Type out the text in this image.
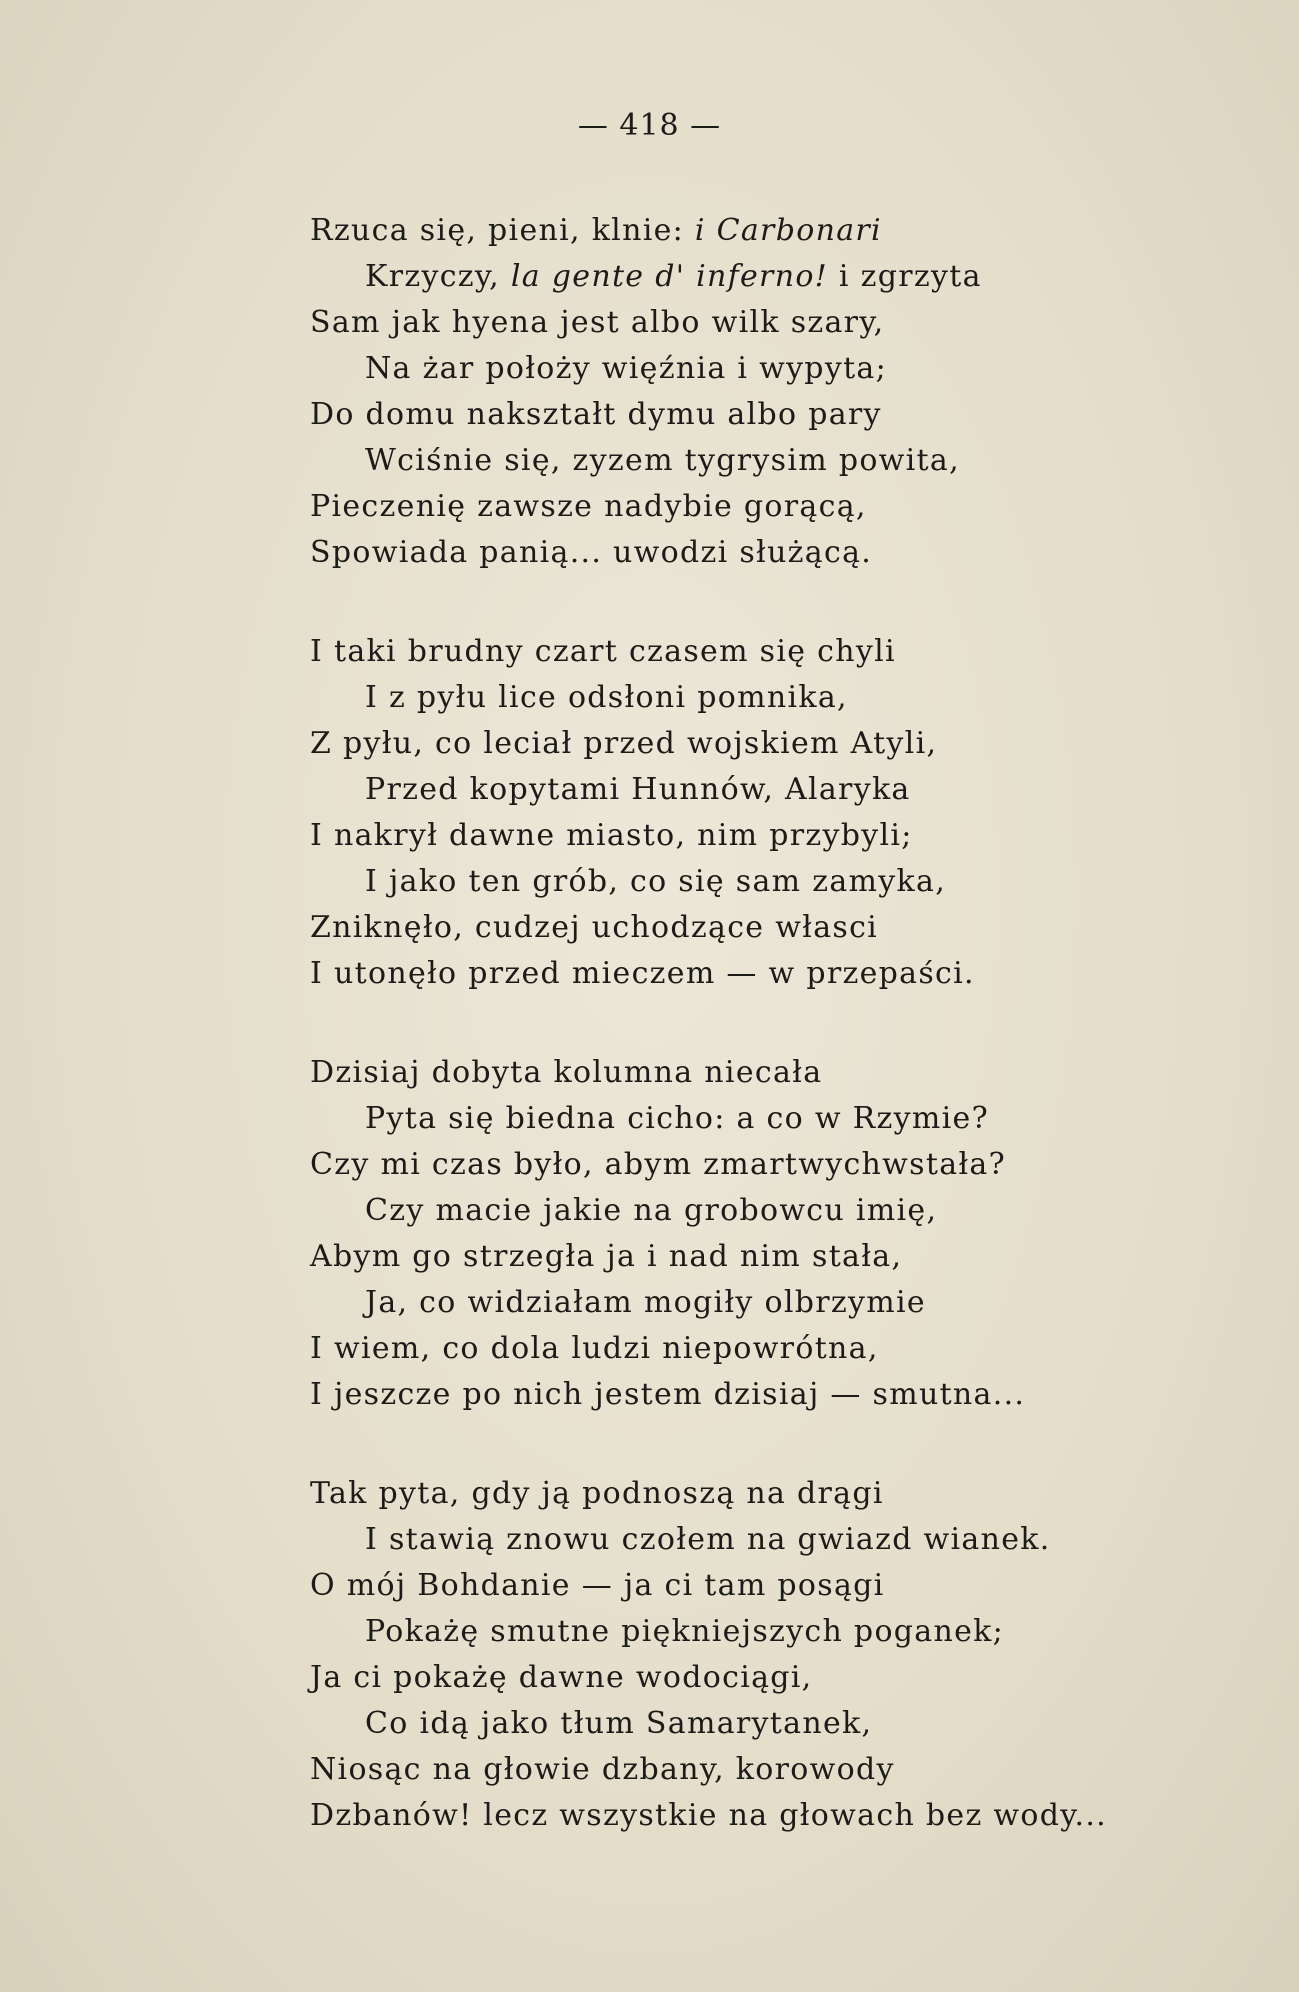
— 418 —
Rzuca się, pieni, klnie: i Carbonari
Krzyczy, la gente d' inferno! i zgrzyta
Sam jak hyena jest albo wilk szary,
Na żar położy więźnia i wypyta;
Do domu nakształt dymu albo pary
Wciśnie się, zyzem tygrysim powita,
Pieczenię zawsze nadybie gorącą,
Spowiada panią... uwodzi służącą.
I taki brudny czart czasem się chyli
I z pyłu lice odsłoni pomnika,
Z pyłu, co leciał przed wojskiem Atyli,
Przed kopytami Hunnów, Alaryka
I nakrył dawne miasto, nim przybyli;
I jako ten grób, co się sam zamyka,
Zniknęło, cudzej uchodzące własci
I utonęło przed mieczem — w przepaści.
Dzisiaj dobyta kolumna niecała
Pyta się biedna cicho: a co w Rzymie?
Czy mi czas było, abym zmartwychwstała?
Czy macie jakie na grobowcu imię,
Abym go strzegła ja i nad nim stała,
Ja, co widziałam mogiły olbrzymie
I wiem, co dola ludzi niepowrótna,
I jeszcze po nich jestem dzisiaj — smutna...
Tak pyta, gdy ją podnoszą na drągi
I stawią znowu czołem na gwiazd wianek.
O mój Bohdanie — ja ci tam posągi
Pokażę smutne piękniejszych poganek;
Ja ci pokażę dawne wodociągi,
Co idą jako tłum Samarytanek,
Niosąc na głowie dzbany, korowody
Dzbanów! lecz wszystkie na głowach bez wody...
